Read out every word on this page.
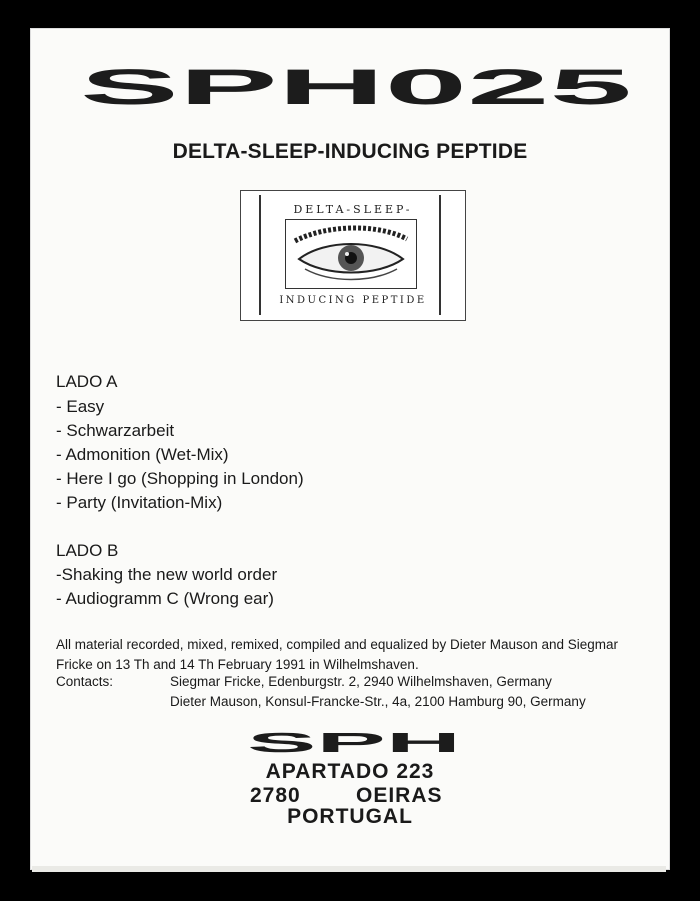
SPH025
DELTA-SLEEP-INDUCING PEPTIDE
DELTA-SLEEP-
INDUCING PEPTIDE
LADO A
- Easy
- Schwarzarbeit
- Admonition (Wet-Mix)
- Here I go (Shopping in London)
- Party (Invitation-Mix)
LADO B
-Shaking the new world order
- Audiogramm C (Wrong ear)
All material recorded, mixed, remixed, compiled and equalized by Dieter Mauson and Siegmar Fricke on 13 Th and 14 Th February 1991 in Wilhelmshaven.
Contacts:	Siegmar Fricke, Edenburgstr. 2, 2940 Wilhelmshaven, Germany
Dieter Mauson, Konsul-Francke-Str., 4a, 2100 Hamburg 90, Germany
SPH
APARTADO 223
2780	OEIRAS
PORTUGAL
